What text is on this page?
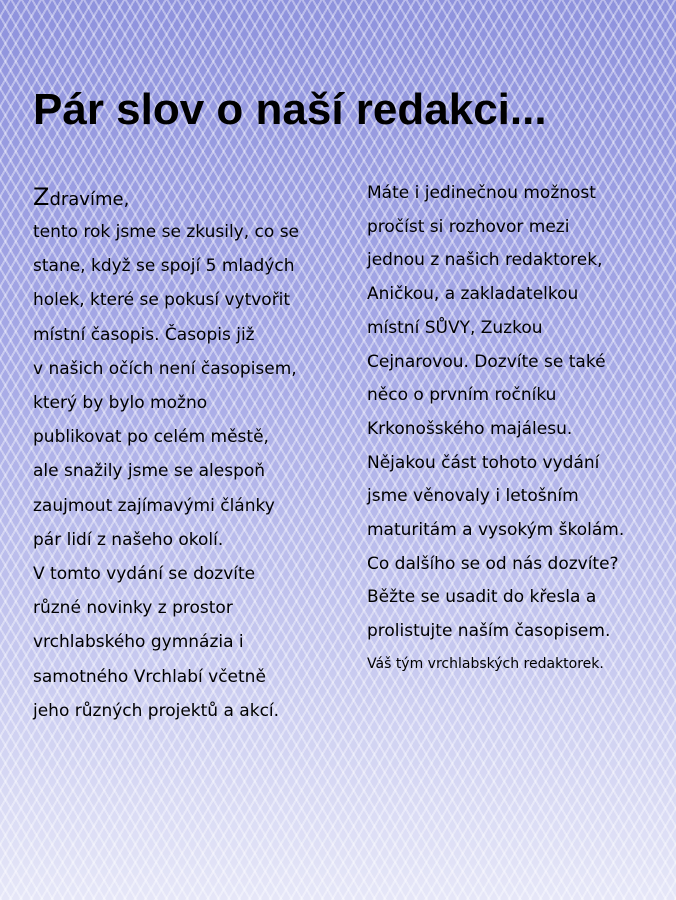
Pár slov o naší redakci...
Zdravíme,
tento rok jsme se zkusily, co se
stane, když se spojí 5 mladých
holek, které se pokusí vytvořit
místní časopis. Časopis již
v našich očích není časopisem,
který by bylo možno
publikovat po celém městě,
ale snažily jsme se alespoň
zaujmout zajímavými články
pár lidí z našeho okolí.
V tomto vydání se dozvíte
různé novinky z prostor
vrchlabského gymnázia i
samotného Vrchlabí včetně
jeho různých projektů a akcí.
Máte i jedinečnou možnost
pročíst si rozhovor mezi
jednou z našich redaktorek,
Aničkou, a zakladatelkou
místní SŮVY, Zuzkou
Cejnarovou. Dozvíte se také
něco o prvním ročníku
Krkonošského majálesu.
Nějakou část tohoto vydání
jsme věnovaly i letošním
maturitám a vysokým školám.
Co dalšího se od nás dozvíte?
Běžte se usadit do křesla a
prolistujte naším časopisem.
Váš tým vrchlabských redaktorek.
